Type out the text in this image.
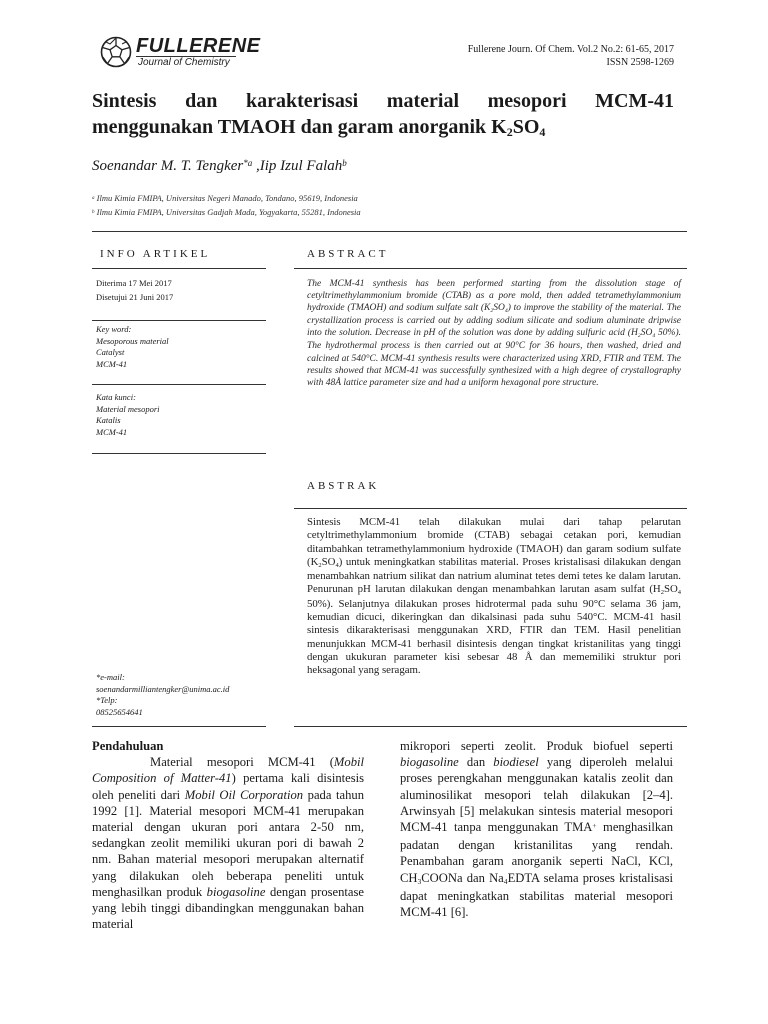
FULLERENE
Journal of Chemistry
Fullerene Journ. Of Chem. Vol.2 No.2: 61-65, 2017
ISSN 2598-1269
Sintesis dan karakterisasi material mesopori MCM-41
menggunakan TMAOH dan garam anorganik $K_2SO_4$
Soenandar M. T. Tengker$^{*a}$ ,Iip Izul Falah$^b$
$^a$ Ilmu Kimia FMIPA, Universitas Negeri Manado, Tondano, 95619, Indonesia
$^b$ Ilmu Kimia FMIPA, Universitas Gadjah Mada, Yogyakarta, 55281, Indonesia
INFO ARTIKEL
Diterima 17 Mei 2017
Disetujui 21 Juni 2017
Key word:
Mesoporous material
Catalyst
MCM-41
Kata kunci:
Material mesopori
Katalis
MCM-41
*e-mail:
soenandarmilliantengker@unima.ac.id
*Telp:
08525654641
ABSTRACT
The MCM-41 synthesis has been performed starting from the dissolution stage of cetyltrimethylammonium bromide (CTAB) as a pore mold, then added tetramethylammonium hydroxide (TMAOH) and sodium sulfate salt $(K_2SO_4)$ to improve the stability of the material. The crystallization process is carried out by adding sodium silicate and sodium aluminate dripwise into the solution. Decrease in pH of the solution was done by adding sulfuric acid ($H_2SO_4$ 50%). The hydrothermal process is then carried out at 90°C for 36 hours, then washed, dried and calcined at 540°C. MCM-41 synthesis results were characterized using XRD, FTIR and TEM. The results showed that MCM-41 was successfully synthesized with a high degree of crystallography with 48Å lattice parameter size and had a uniform hexagonal pore structure.
ABSTRAK
Sintesis MCM-41 telah dilakukan mulai dari tahap pelarutan cetyltrimethylammonium bromide (CTAB) sebagai cetakan pori, kemudian ditambahkan tetramethylammonium hydroxide (TMAOH) dan garam sodium sulfate $(K_2SO_4)$ untuk meningkatkan stabilitas material. Proses kristalisasi dilakukan dengan menambahkan natrium silikat dan natrium aluminat tetes demi tetes ke dalam larutan. Penurunan pH larutan dilakukan dengan menambahkan larutan asam sulfat ($H_2SO_4$ 50%). Selanjutnya dilakukan proses hidrotermal pada suhu 90°C selama 36 jam, kemudian dicuci, dikeringkan dan dikalsinasi pada suhu 540°C. MCM-41 hasil sintesis dikarakterisasi menggunakan XRD, FTIR dan TEM. Hasil penelitian menunjukkan MCM-41 berhasil disintesis dengan tingkat kristanilitas yang tinggi dengan ukukuran parameter kisi sebesar 48 Å dan mememiliki struktur pori heksagonal yang seragam.
Pendahuluan
Material mesopori MCM-41 (Mobil Composition of Matter-41) pertama kali disintesis oleh peneliti dari Mobil Oil Corporation pada tahun 1992 [1]. Material mesopori MCM-41 merupakan material dengan ukuran pori antara 2-50 nm, sedangkan zeolit memiliki ukuran pori di bawah 2 nm. Bahan material mesopori merupakan alternatif yang dilakukan oleh beberapa peneliti untuk menghasilkan produk biogasoline dengan prosentase yang lebih tinggi dibandingkan menggunakan bahan material
mikropori seperti zeolit. Produk biofuel seperti biogasoline dan biodiesel yang diperoleh melalui proses perengkahan menggunakan katalis zeolit dan aluminosilikat mesopori telah dilakukan [2–4]. Arwinsyah [5] melakukan sintesis material mesopori MCM-41 tanpa menggunakan TMA+ menghasilkan padatan dengan kristanilitas yang rendah. Penambahan garam anorganik seperti NaCl, KCl, $CH_3COONa$ dan $Na_4EDTA$ selama proses kristalisasi dapat meningkatkan stabilitas material mesopori MCM-41 [6].
